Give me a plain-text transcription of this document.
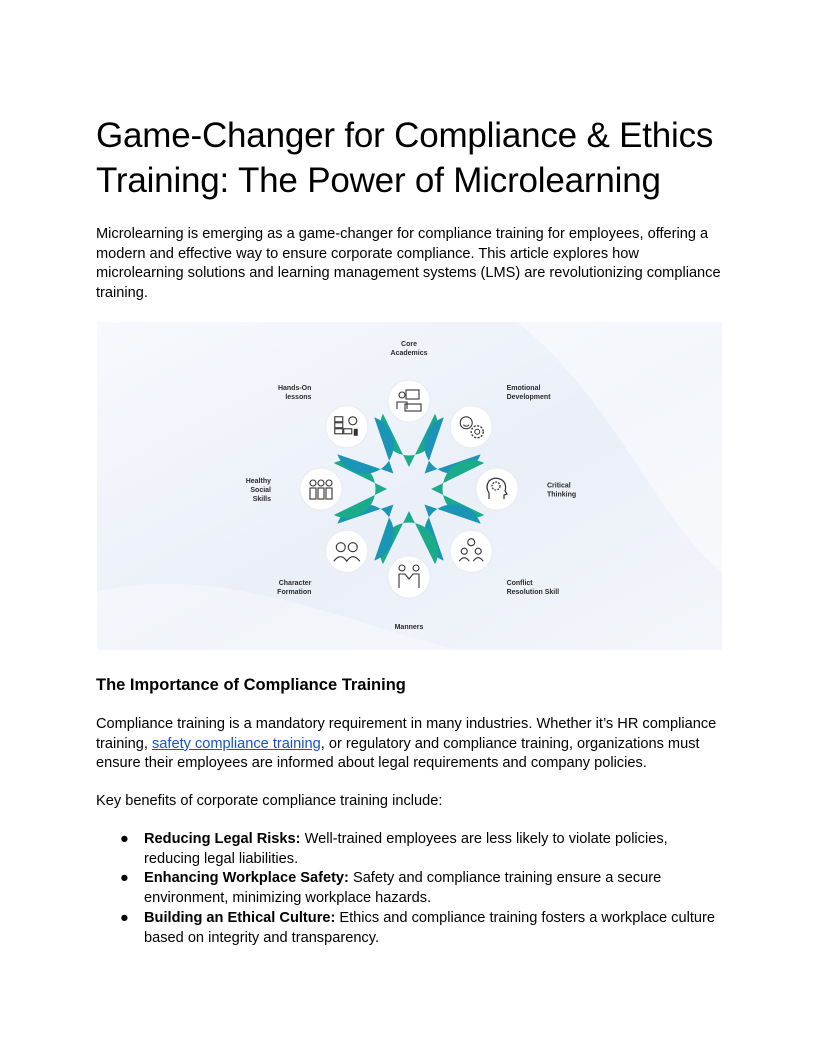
Game-Changer for Compliance & Ethics Training: The Power of Microlearning

Microlearning is emerging as a game-changer for compliance training for employees, offering a modern and effective way to ensure corporate compliance. This article explores how microlearning solutions and learning management systems (LMS) are revolutionizing compliance training.

Core Academics
Emotional Development
Critical Thinking
Conflict Resolution Skill
Manners
Character Formation
Healthy Social Skills
Hands-On lessons
The Importance of Compliance Training

Compliance training is a mandatory requirement in many industries. Whether it’s HR compliance training, safety compliance training, or regulatory and compliance training, organizations must ensure their employees are informed about legal requirements and company policies.

Key benefits of corporate compliance training include:

● Reducing Legal Risks: Well-trained employees are less likely to violate policies, reducing legal liabilities.
● Enhancing Workplace Safety: Safety and compliance training ensure a secure environment, minimizing workplace hazards.
● Building an Ethical Culture: Ethics and compliance training fosters a workplace culture based on integrity and transparency.
